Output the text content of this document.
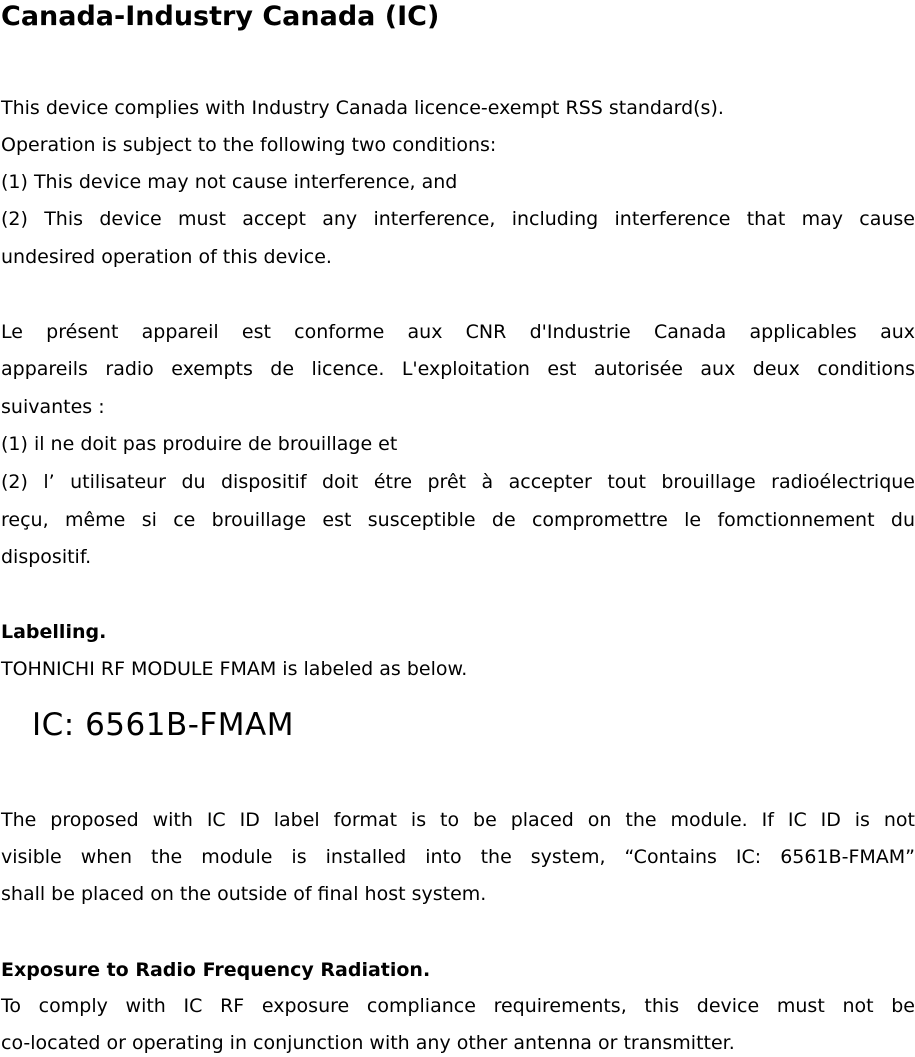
Canada-Industry Canada (IC)
This device complies with Industry Canada licence-exempt RSS standard(s).
Operation is subject to the following two conditions:
(1) This device may not cause interference, and
(2) This device must accept any interference, including interference that may cause
undesired operation of this device.
Le présent appareil est conforme aux CNR d'Industrie Canada applicables aux
appareils radio exempts de licence. L'exploitation est autorisée aux deux conditions
suivantes :
(1) il ne doit pas produire de brouillage et
(2) l’ utilisateur du dispositif doit étre prêt à accepter tout brouillage radioélectrique
reçu, même si ce brouillage est susceptible de compromettre le fomctionnement du
dispositif.
Labelling.
TOHNICHI RF MODULE FMAM is labeled as below.
IC: 6561B-FMAM
The proposed with IC ID label format is to be placed on the module. If IC ID is not
visible when the module is installed into the system, “Contains IC: 6561B-FMAM”
shall be placed on the outside of final host system.
Exposure to Radio Frequency Radiation.
To comply with IC RF exposure compliance requirements, this device must not be
co-located or operating in conjunction with any other antenna or transmitter.
